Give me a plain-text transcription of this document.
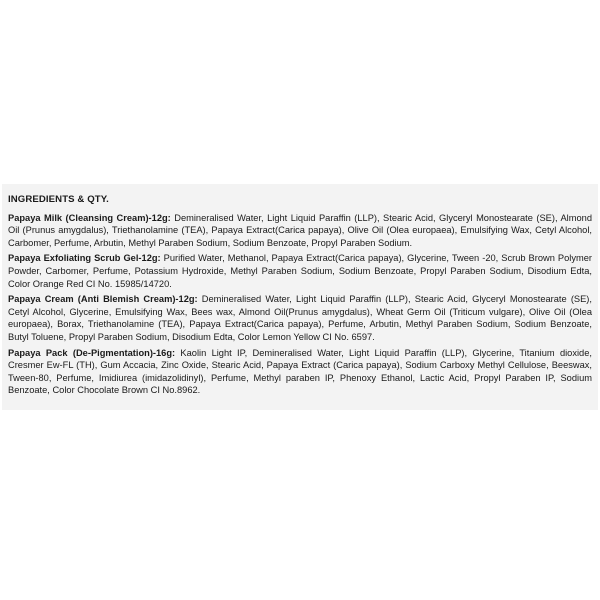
INGREDIENTS & QTY.

Papaya Milk (Cleansing Cream)-12g: Demineralised Water, Light Liquid Paraffin (LLP), Stearic Acid, Glyceryl Monostearate (SE), Almond Oil (Prunus amygdalus), Triethanolamine (TEA), Papaya Extract(Carica papaya), Olive Oil (Olea europaea), Emulsifying Wax, Cetyl Alcohol, Carbomer, Perfume, Arbutin, Methyl Paraben Sodium, Sodium Benzoate, Propyl Paraben Sodium.

Papaya Exfoliating Scrub Gel-12g: Purified Water, Methanol, Papaya Extract(Carica papaya), Glycerine, Tween -20, Scrub Brown Polymer Powder, Carbomer, Perfume, Potassium Hydroxide, Methyl Paraben Sodium, Sodium Benzoate, Propyl Paraben Sodium, Disodium Edta, Color Orange Red CI No. 15985/14720.

Papaya Cream (Anti Blemish Cream)-12g: Demineralised Water, Light Liquid Paraffin (LLP), Stearic Acid, Glyceryl Monostearate (SE), Cetyl Alcohol, Glycerine, Emulsifying Wax, Bees wax, Almond Oil(Prunus amygdalus), Wheat Germ Oil (Triticum vulgare), Olive Oil (Olea europaea), Borax, Triethanolamine (TEA), Papaya Extract(Carica papaya), Perfume, Arbutin, Methyl Paraben Sodium, Sodium Benzoate, Butyl Toluene, Propyl Paraben Sodium, Disodium Edta, Color Lemon Yellow CI No. 6597.

Papaya Pack (De-Pigmentation)-16g: Kaolin Light IP, Demineralised Water, Light Liquid Paraffin (LLP), Glycerine, Titanium dioxide, Cresmer Ew-FL (TH), Gum Accacia, Zinc Oxide, Stearic Acid, Papaya Extract (Carica papaya), Sodium Carboxy Methyl Cellulose, Beeswax, Tween-80, Perfume, Imidiurea (imidazolidinyl), Perfume, Methyl paraben IP, Phenoxy Ethanol, Lactic Acid, Propyl Paraben IP, Sodium Benzoate, Color Chocolate Brown CI No.8962.
